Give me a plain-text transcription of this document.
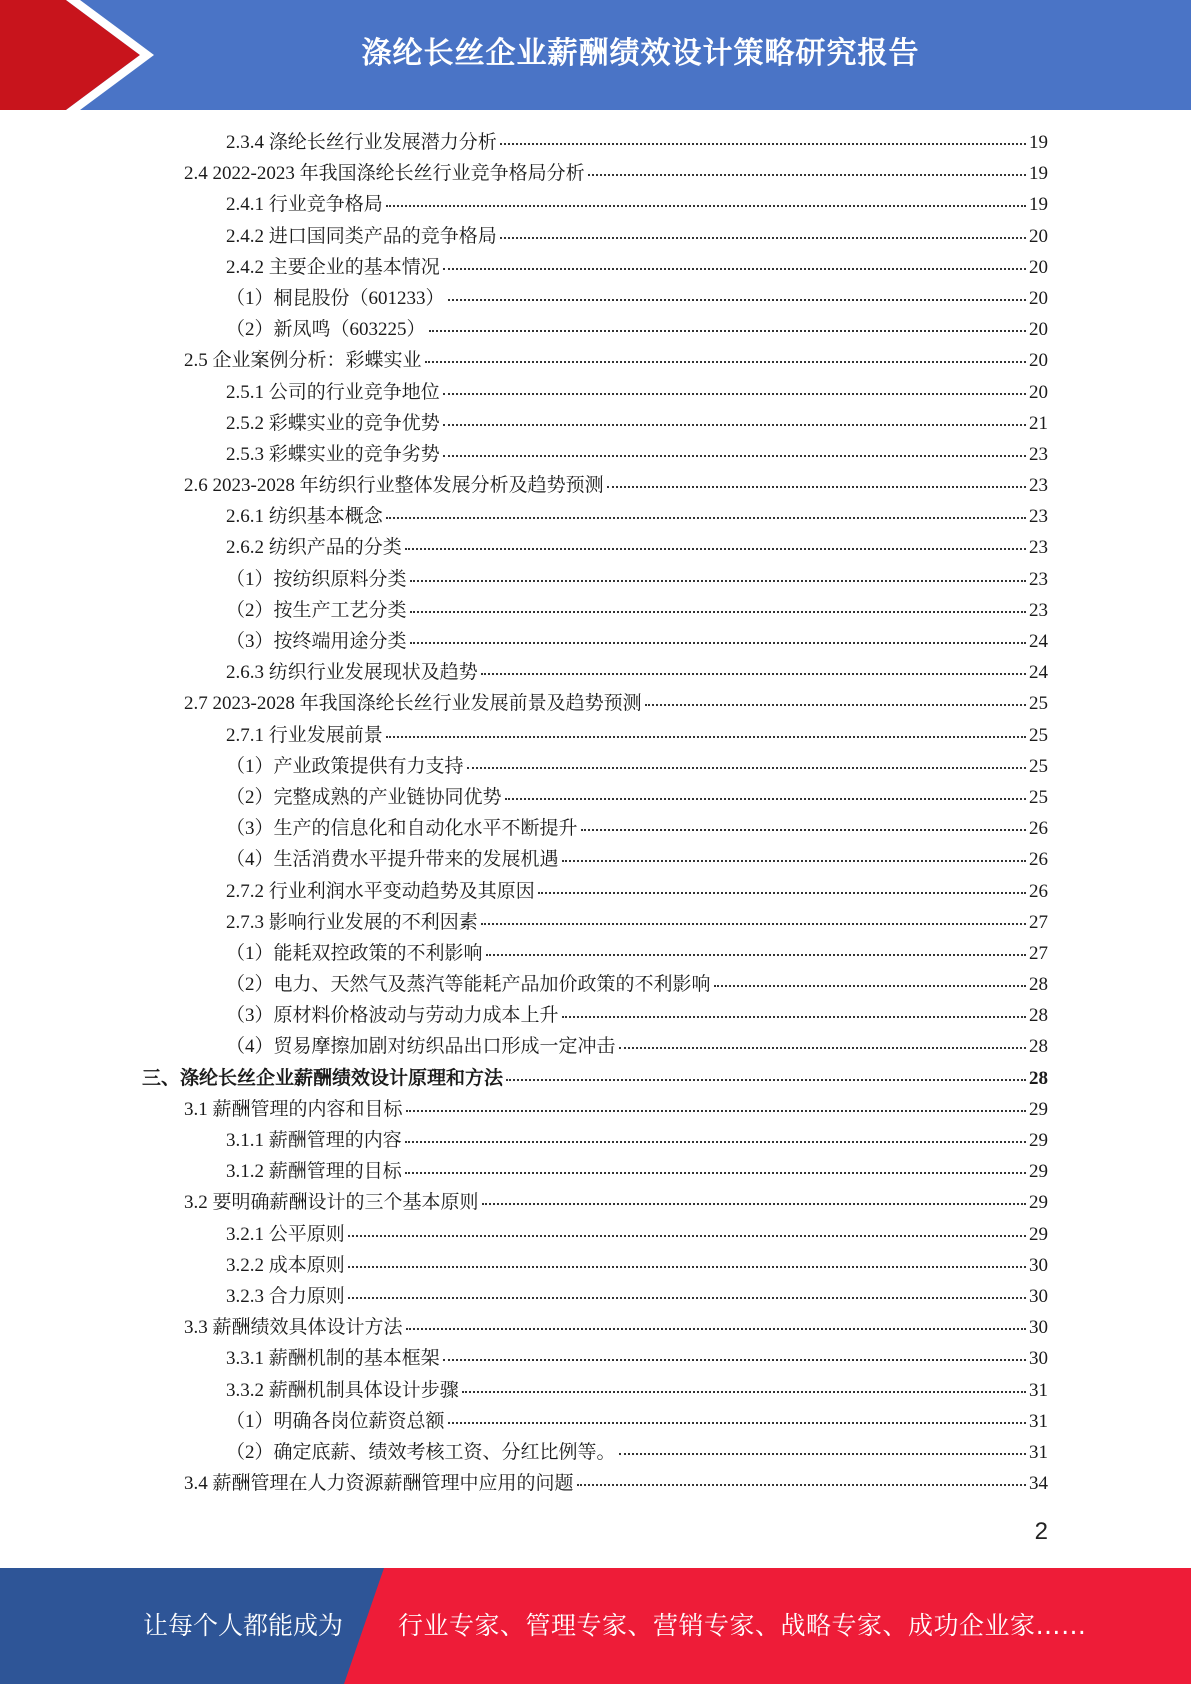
涤纶长丝企业薪酬绩效设计策略研究报告
2.3.4 涤纶长丝行业发展潜力分析	19
2.4 2022-2023 年我国涤纶长丝行业竞争格局分析	19
2.4.1 行业竞争格局	19
2.4.2 进口国同类产品的竞争格局	20
2.4.2 主要企业的基本情况	20
（1）桐昆股份（601233）	20
（2）新凤鸣（603225）	20
2.5 企业案例分析：彩蝶实业	20
2.5.1 公司的行业竞争地位	20
2.5.2 彩蝶实业的竞争优势	21
2.5.3 彩蝶实业的竞争劣势	23
2.6 2023-2028 年纺织行业整体发展分析及趋势预测	23
2.6.1 纺织基本概念	23
2.6.2 纺织产品的分类	23
（1）按纺织原料分类	23
（2）按生产工艺分类	23
（3）按终端用途分类	24
2.6.3 纺织行业发展现状及趋势	24
2.7 2023-2028 年我国涤纶长丝行业发展前景及趋势预测	25
2.7.1 行业发展前景	25
（1）产业政策提供有力支持	25
（2）完整成熟的产业链协同优势	25
（3）生产的信息化和自动化水平不断提升	26
（4）生活消费水平提升带来的发展机遇	26
2.7.2 行业利润水平变动趋势及其原因	26
2.7.3 影响行业发展的不利因素	27
（1）能耗双控政策的不利影响	27
（2）电力、天然气及蒸汽等能耗产品加价政策的不利影响	28
（3）原材料价格波动与劳动力成本上升	28
（4）贸易摩擦加剧对纺织品出口形成一定冲击	28
三、涤纶长丝企业薪酬绩效设计原理和方法	28
3.1 薪酬管理的内容和目标	29
3.1.1 薪酬管理的内容	29
3.1.2 薪酬管理的目标	29
3.2 要明确薪酬设计的三个基本原则	29
3.2.1 公平原则	29
3.2.2 成本原则	30
3.2.3 合力原则	30
3.3 薪酬绩效具体设计方法	30
3.3.1 薪酬机制的基本框架	30
3.3.2 薪酬机制具体设计步骤	31
（1）明确各岗位薪资总额	31
（2）确定底薪、绩效考核工资、分红比例等。	31
3.4 薪酬管理在人力资源薪酬管理中应用的问题	34
2
让每个人都能成为 行业专家、管理专家、营销专家、战略专家、成功企业家……
